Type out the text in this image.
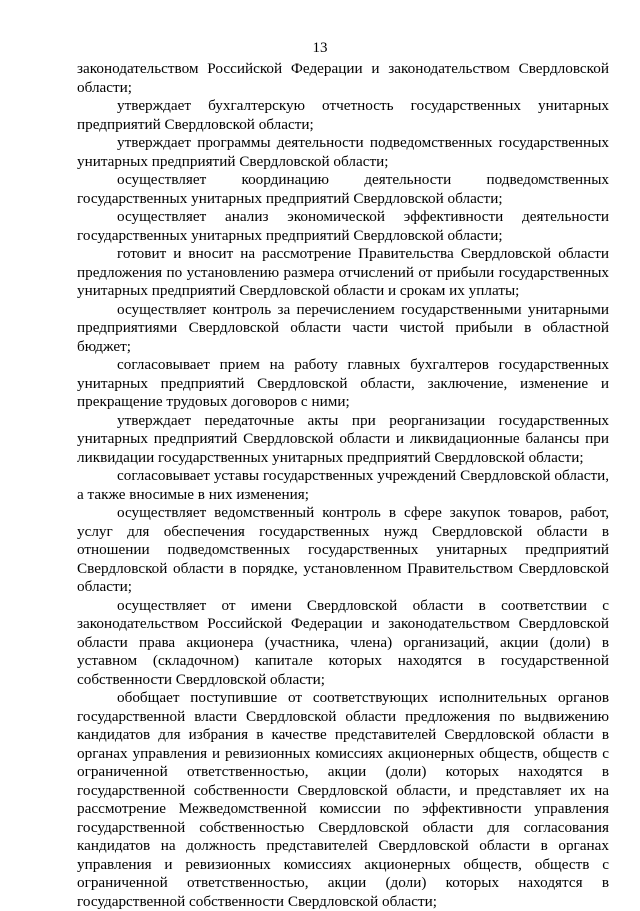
13

законодательством Российской Федерации и законодательством Свердловской области;

утверждает бухгалтерскую отчетность государственных унитарных предприятий Свердловской области;

утверждает программы деятельности подведомственных государственных унитарных предприятий Свердловской области;

осуществляет координацию деятельности подведомственных государственных унитарных предприятий Свердловской области;

осуществляет анализ экономической эффективности деятельности государственных унитарных предприятий Свердловской области;

готовит и вносит на рассмотрение Правительства Свердловской области предложения по установлению размера отчислений от прибыли государственных унитарных предприятий Свердловской области и срокам их уплаты;

осуществляет контроль за перечислением государственными унитарными предприятиями Свердловской области части чистой прибыли в областной бюджет;

согласовывает прием на работу главных бухгалтеров государственных унитарных предприятий Свердловской области, заключение, изменение и прекращение трудовых договоров с ними;

утверждает передаточные акты при реорганизации государственных унитарных предприятий Свердловской области и ликвидационные балансы при ликвидации государственных унитарных предприятий Свердловской области;

согласовывает уставы государственных учреждений Свердловской области, а также вносимые в них изменения;

осуществляет ведомственный контроль в сфере закупок товаров, работ, услуг для обеспечения государственных нужд Свердловской области в отношении подведомственных государственных унитарных предприятий Свердловской области в порядке, установленном Правительством Свердловской области;

осуществляет от имени Свердловской области в соответствии с законодательством Российской Федерации и законодательством Свердловской области права акционера (участника, члена) организаций, акции (доли) в уставном (складочном) капитале которых находятся в государственной собственности Свердловской области;

обобщает поступившие от соответствующих исполнительных органов государственной власти Свердловской области предложения по выдвижению кандидатов для избрания в качестве представителей Свердловской области в органах управления и ревизионных комиссиях акционерных обществ, обществ с ограниченной ответственностью, акции (доли) которых находятся в государственной собственности Свердловской области, и представляет их на рассмотрение Межведомственной комиссии по эффективности управления государственной собственностью Свердловской области для согласования кандидатов на должность представителей Свердловской области в органах управления и ревизионных комиссиях акционерных обществ, обществ с ограниченной ответственностью, акции (доли) которых находятся в государственной собственности Свердловской области;
